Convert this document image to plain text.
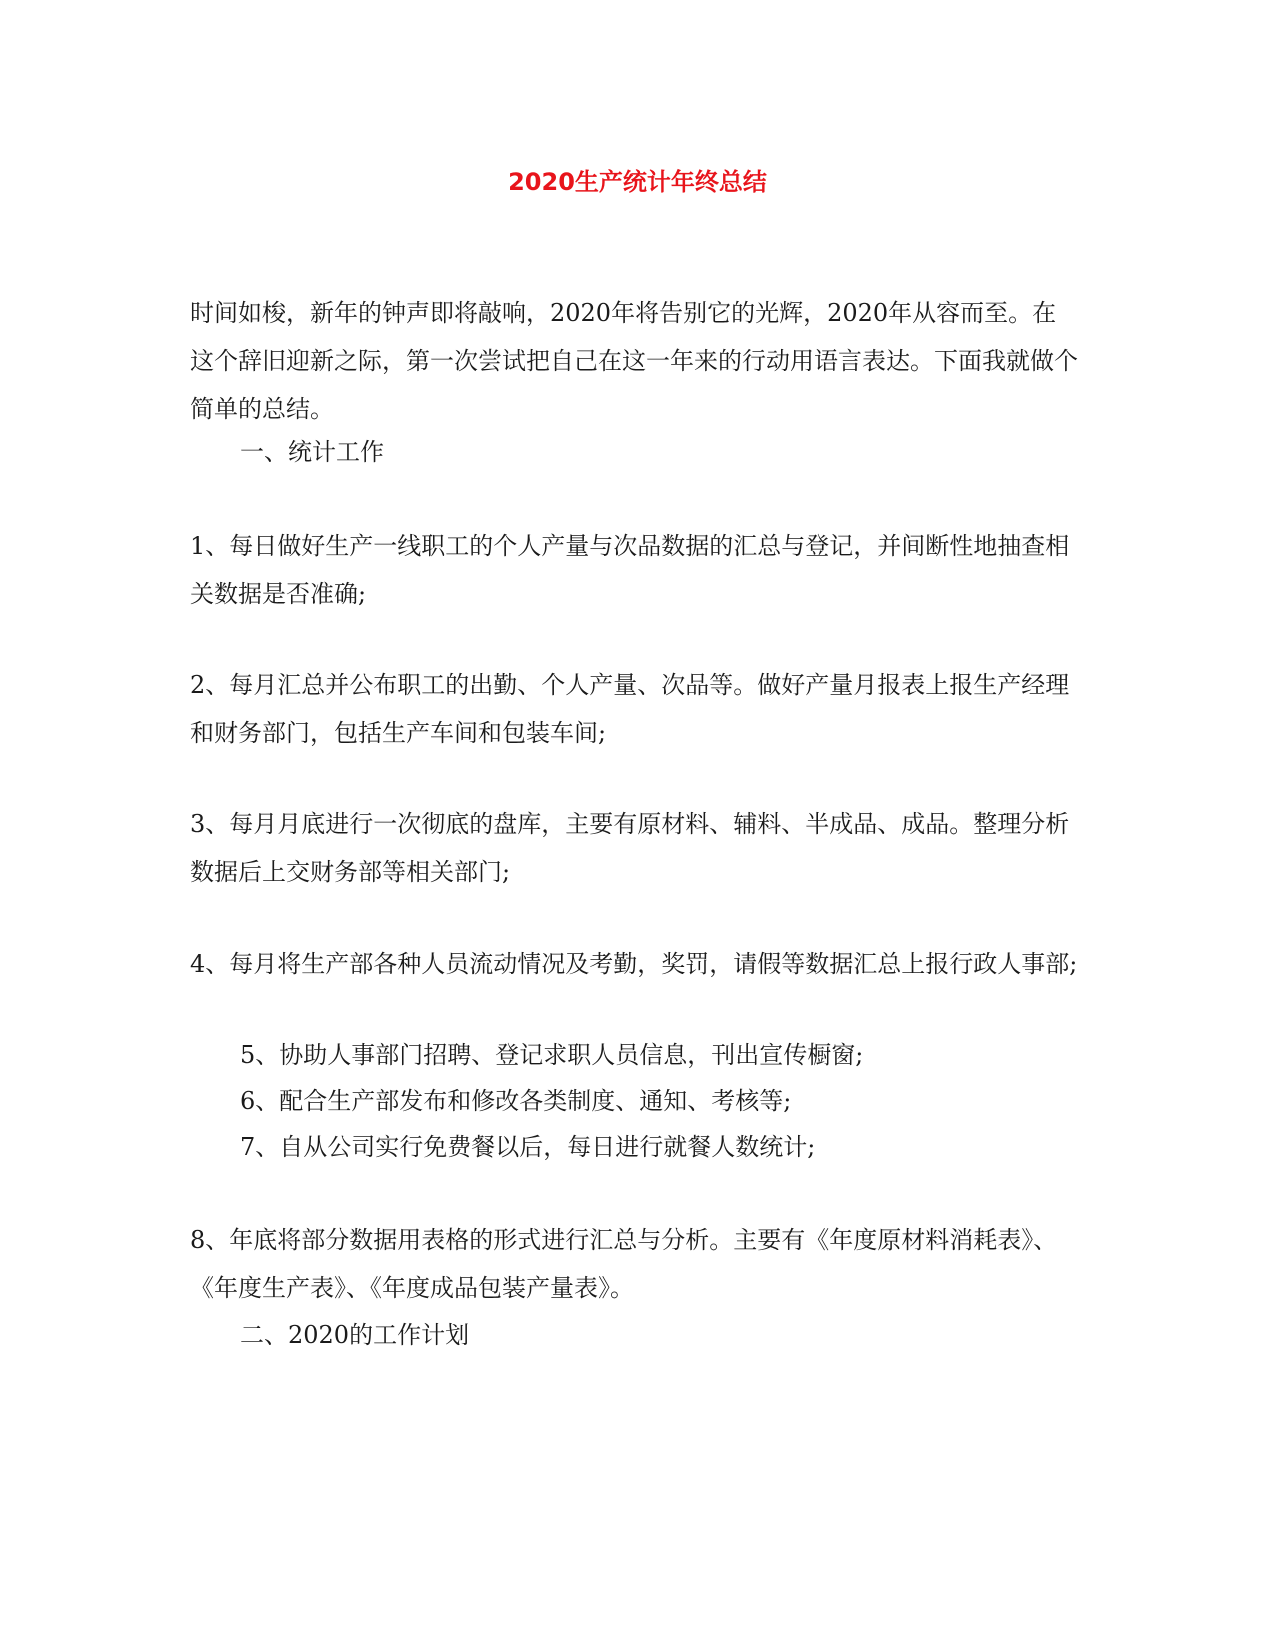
2020生产统计年终总结

时间如梭，新年的钟声即将敲响，2020年将告别它的光辉，2020年从容而至。在这个辞旧迎新之际，第一次尝试把自己在这一年来的行动用语言表达。下面我就做个简单的总结。

一、统计工作

1、每日做好生产一线职工的个人产量与次品数据的汇总与登记，并间断性地抽查相关数据是否准确;

2、每月汇总并公布职工的出勤、个人产量、次品等。做好产量月报表上报生产经理和财务部门，包括生产车间和包装车间;

3、每月月底进行一次彻底的盘库，主要有原材料、辅料、半成品、成品。整理分析数据后上交财务部等相关部门;

4、每月将生产部各种人员流动情况及考勤，奖罚，请假等数据汇总上报行政人事部;

5、协助人事部门招聘、登记求职人员信息，刊出宣传橱窗;

6、配合生产部发布和修改各类制度、通知、考核等;

7、自从公司实行免费餐以后，每日进行就餐人数统计;

8、年底将部分数据用表格的形式进行汇总与分析。主要有《年度原材料消耗表》、《年度生产表》、《年度成品包装产量表》。

二、2020的工作计划
